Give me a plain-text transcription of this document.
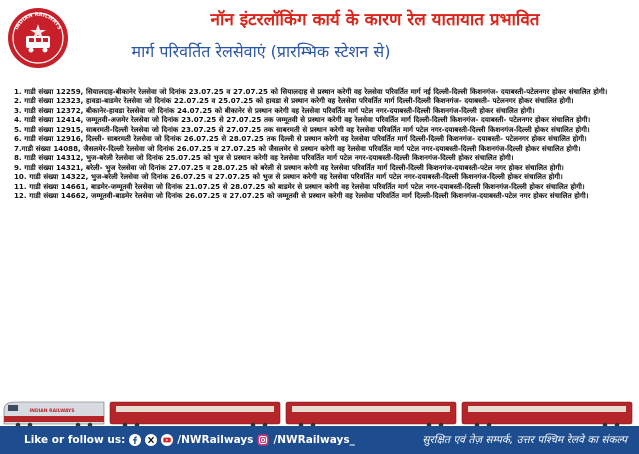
INDIAN RAILWAYS	नॉन इंटरलॉकिंग कार्य के कारण रेल यातायात प्रभावित
मार्ग परिवर्तित रेलसेवाएं (प्रारम्भिक स्टेशन से)

1. गाडी संख्या 12259, सियालदाह-बीकानेर रेलसेवा जो दिनांक 23.07.25 व 27.07.25 को सियालदाह से प्रस्थान करेगी वह रेलसेवा परिवर्तित मार्ग नई दिल्ली-दिल्ली किशनगंज- दयाबस्ती-पटेलनगर होकर संचालित होगी।

2. गाडी संख्या 12323, हावडा-बाडमेर रेलसेवा जो दिनांक 22.07.25 व 25.07.25 को हावडा से प्रस्थान करेगी वह रेलसेवा परिवर्तित मार्ग दिल्ली-दिल्ली किशनगंज- दयाबस्ती- पटेलनगर होकर संचालित होगी।

3. गाडी संख्या 12372, बीकानेर-हावडा रेलसेवा जो दिनांक 24.07.25 को बीकानेर से प्रस्थान करेगी वह रेलसेवा परिवर्तित मार्ग पटेल नगर-दयाबस्ती-दिल्ली किशनगंज-दिल्ली होकर संचालित होगी।

4. गाडी संख्या 12414, जम्मूतवी-अजमेर रेलसेवा जो दिनांक 23.07.25 से 27.07.25 तक जम्मूतवी से प्रस्थान करेगी वह रेलसेवा परिवर्तित मार्ग दिल्ली-दिल्ली किशनगंज- दयाबस्ती- पटेलनगर होकर संचालित होगी।

5. गाडी संख्या 12915, साबरमती-दिल्ली रेलसेवा जो दिनांक 23.07.25 से 27.07.25 तक साबरमती से प्रस्थान करेगी वह रेलसेवा परिवर्तित मार्ग पटेल नगर-दयाबस्ती-दिल्ली किशनगंज-दिल्ली होकर संचालित होगी।

6. गाडी संख्या 12916, दिल्ली- साबरमती रेलसेवा जो दिनांक 26.07.25 से 28.07.25 तक दिल्ली से प्रस्थान करेगी वह रेलसेवा परिवर्तित मार्ग दिल्ली-दिल्ली किशनगंज- दयाबस्ती- पटेलनगर होकर संचालित होगी।

7.गाडी संख्या 14088, जैसलमेर-दिल्ली रेलसेवा जो दिनांक 26.07.25 व 27.07.25 को जैसलमेर से प्रस्थान करेगी वह रेलसेवा परिवर्तित मार्ग पटेल नगर-दयाबस्ती-दिल्ली किशनगंज-दिल्ली होकर संचालित होगी।

8. गाडी संख्या 14312, भुज-बरेली रेलसेवा जो दिनांक 25.07.25 को भुज से प्रस्थान करेगी वह रेलसेवा परिवर्तित मार्ग पटेल नगर-दयाबस्ती-दिल्ली किशनगंज-दिल्ली होकर संचालित होगी।

9. गाडी संख्या 14321, बरेली- भुज रेलसेवा जो दिनांक 27.07.25 व 28.07.25 को बरेली से प्रस्थान करेगी वह रेलसेवा परिवर्तित मार्ग दिल्ली-दिल्ली किशनगंज-दयाबस्ती-पटेल नगर होकर संचालित होगी।

10. गाडी संख्या 14322, भुज-बरेली रेलसेवा जो दिनांक 26.07.25 व 27.07.25 को भुज से प्रस्थान करेगी वह रेलसेवा परिवर्तित मार्ग पटेल नगर-दयाबस्ती-दिल्ली किशनगंज-दिल्ली होकर संचालित होगी।

11. गाडी संख्या 14661, बाडमेर-जम्मूतवी रेलसेवा जो दिनांक 21.07.25 से 28.07.25 को बाडमेर से प्रस्थान करेगी वह रेलसेवा परिवर्तित मार्ग पटेल नगर-दयाबस्ती-दिल्ली किशनगंज-दिल्ली होकर संचालित होगी।

12. गाडी संख्या 14662, जम्मूतवी-बाडमेर रेलसेवा जो दिनांक 26.07.25 व 27.07.25 को जम्मूतवी से प्रस्थान करेगी वह रेलसेवा परिवर्तित मार्ग दिल्ली-दिल्ली किशनगंज-दयाबस्ती-पटेल नगर होकर संचालित होगी।

INDIAN RAILWAYS
Like or follow us:	/NWRailways /NWRailways_	सुरक्षित एवं तेज़ सम्पर्क, उत्तर पश्चिम रेलवे का संकल्प
